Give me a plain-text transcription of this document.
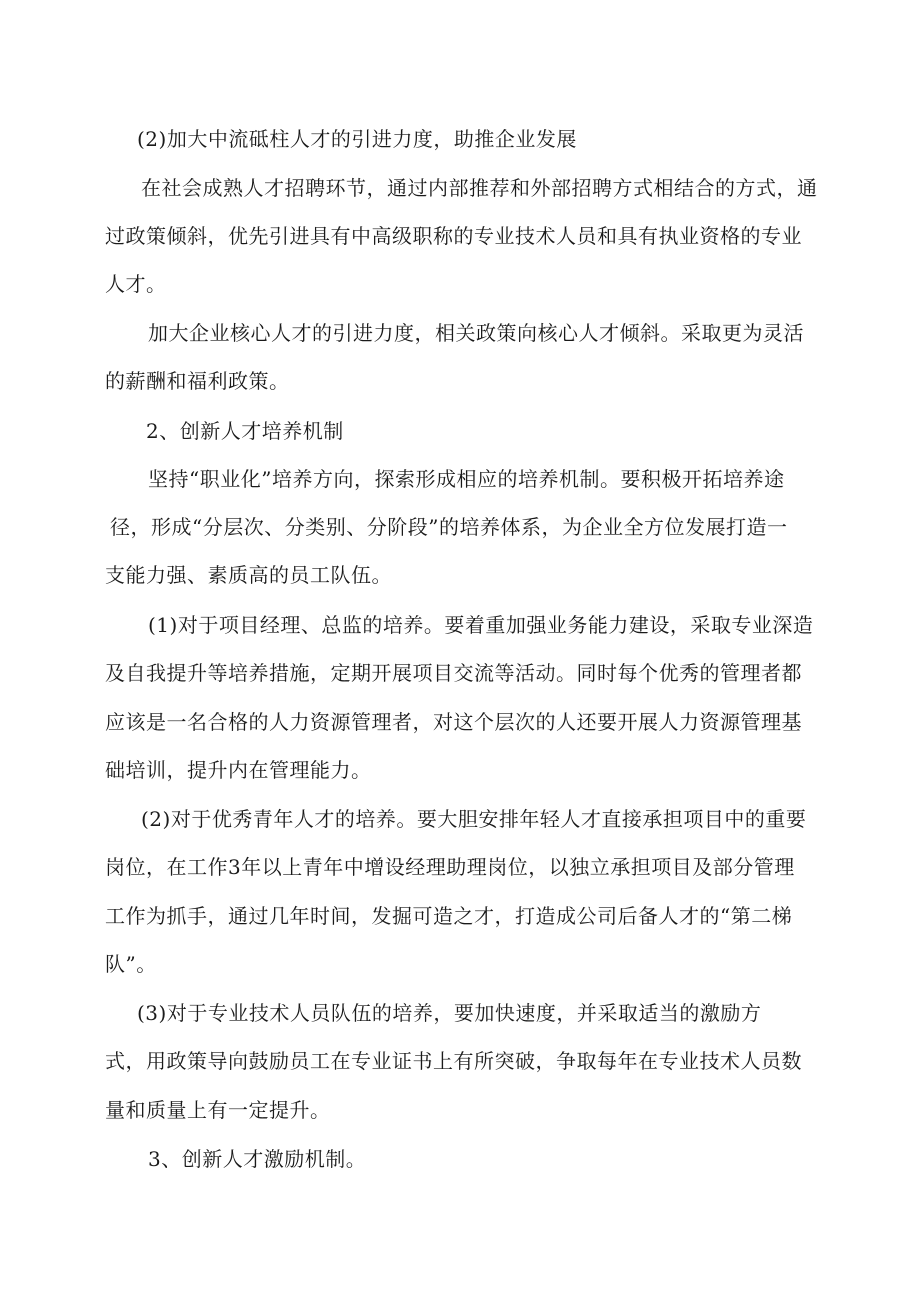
(2)加大中流砥柱人才的引进力度，助推企业发展

在社会成熟人才招聘环节，通过内部推荐和外部招聘方式相结合的方式，通

过政策倾斜，优先引进具有中高级职称的专业技术人员和具有执业资格的专业

人才。

加大企业核心人才的引进力度，相关政策向核心人才倾斜。采取更为灵活

的薪酬和福利政策。

2、创新人才培养机制

坚持“职业化”培养方向，探索形成相应的培养机制。要积极开拓培养途

径，形成“分层次、分类别、分阶段”的培养体系，为企业全方位发展打造一

支能力强、素质高的员工队伍。

(1)对于项目经理、总监的培养。要着重加强业务能力建设，采取专业深造

及自我提升等培养措施，定期开展项目交流等活动。同时每个优秀的管理者都

应该是一名合格的人力资源管理者，对这个层次的人还要开展人力资源管理基

础培训，提升内在管理能力。

(2)对于优秀青年人才的培养。要大胆安排年轻人才直接承担项目中的重要

岗位，在工作3年以上青年中增设经理助理岗位，以独立承担项目及部分管理

工作为抓手，通过几年时间，发掘可造之才，打造成公司后备人才的“第二梯

队”。

(3)对于专业技术人员队伍的培养，要加快速度，并采取适当的激励方

式，用政策导向鼓励员工在专业证书上有所突破，争取每年在专业技术人员数

量和质量上有一定提升。

3、创新人才激励机制。
